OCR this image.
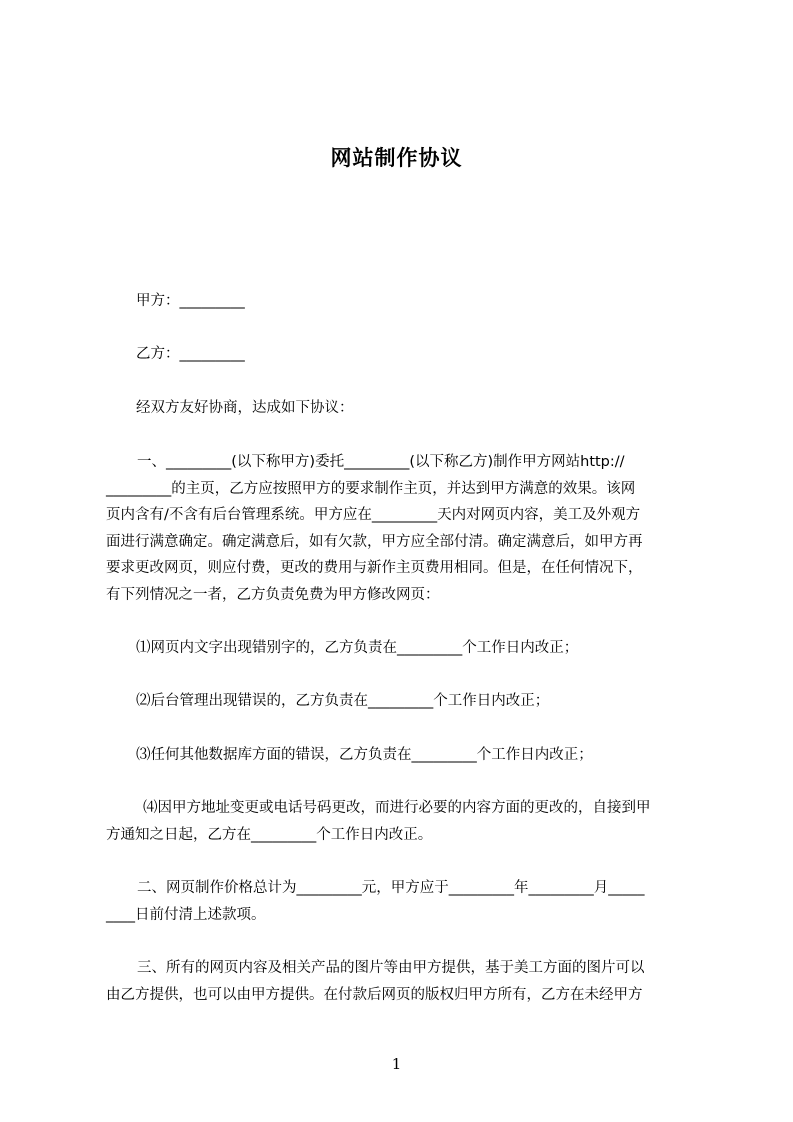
网站制作协议
甲方：_________
乙方：_________
经双方友好协商，达成如下协议：
一、_________(以下称甲方)委托_________(以下称乙方)制作甲方网站http://
_________的主页，乙方应按照甲方的要求制作主页，并达到甲方满意的效果。该网
页内含有/不含有后台管理系统。甲方应在_________天内对网页内容，美工及外观方
面进行满意确定。确定满意后，如有欠款，甲方应全部付清。确定满意后，如甲方再
要求更改网页，则应付费，更改的费用与新作主页费用相同。但是，在任何情况下，
有下列情况之一者，乙方负责免费为甲方修改网页：
⑴网页内文字出现错别字的，乙方负责在_________个工作日内改正；
⑵后台管理出现错误的，乙方负责在_________个工作日内改正；
⑶任何其他数据库方面的错误，乙方负责在_________个工作日内改正；
⑷因甲方地址变更或电话号码更改，而进行必要的内容方面的更改的，自接到甲
方通知之日起，乙方在_________个工作日内改正。
二、网页制作价格总计为_________元，甲方应于_________年_________月_____
____日前付清上述款项。
三、所有的网页内容及相关产品的图片等由甲方提供，基于美工方面的图片可以
由乙方提供，也可以由甲方提供。在付款后网页的版权归甲方所有，乙方在未经甲方
1
